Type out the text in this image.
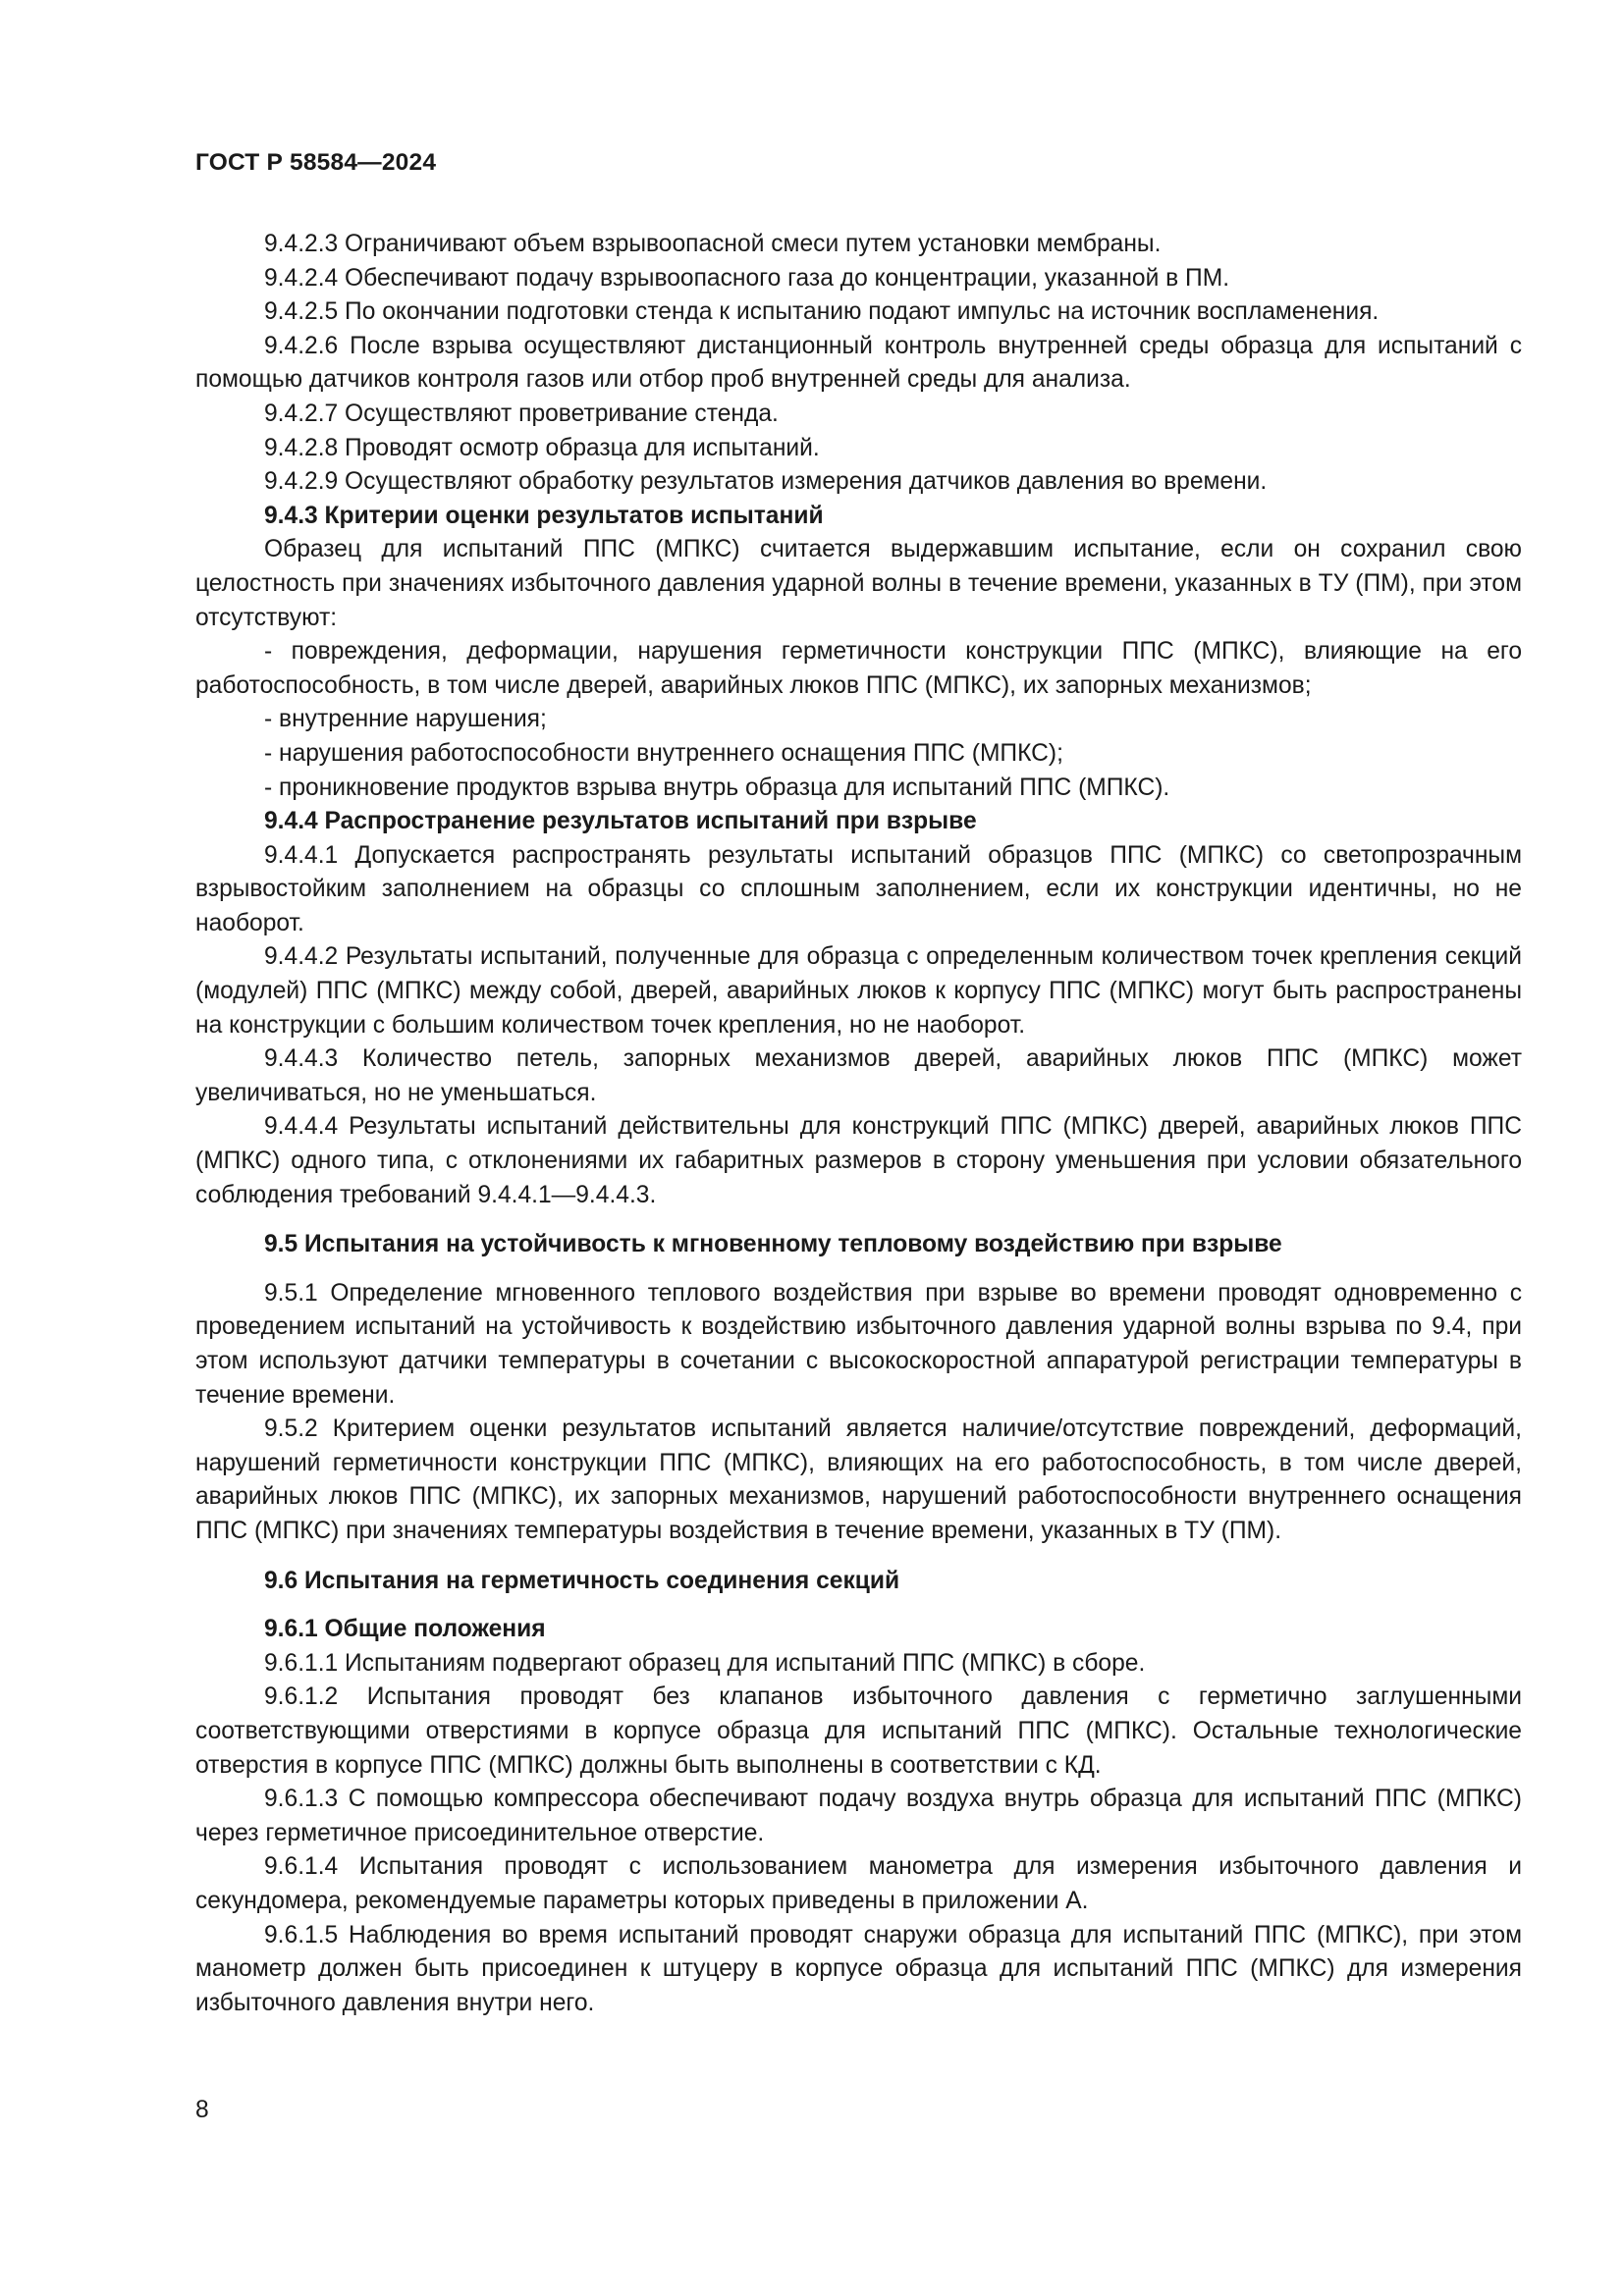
ГОСТ Р 58584—2024

9.4.2.3 Ограничивают объем взрывоопасной смеси путем установки мембраны.

9.4.2.4 Обеспечивают подачу взрывоопасного газа до концентрации, указанной в ПМ.

9.4.2.5 По окончании подготовки стенда к испытанию подают импульс на источник воспламенения.

9.4.2.6 После взрыва осуществляют дистанционный контроль внутренней среды образца для испытаний с помощью датчиков контроля газов или отбор проб внутренней среды для анализа.

9.4.2.7 Осуществляют проветривание стенда.

9.4.2.8 Проводят осмотр образца для испытаний.

9.4.2.9 Осуществляют обработку результатов измерения датчиков давления во времени.

9.4.3 Критерии оценки результатов испытаний

Образец для испытаний ППС (МПКС) считается выдержавшим испытание, если он сохранил свою целостность при значениях избыточного давления ударной волны в течение времени, указанных в ТУ (ПМ), при этом отсутствуют:

- повреждения, деформации, нарушения герметичности конструкции ППС (МПКС), влияющие на его работоспособность, в том числе дверей, аварийных люков ППС (МПКС), их запорных механизмов;

- внутренние нарушения;

- нарушения работоспособности внутреннего оснащения ППС (МПКС);

- проникновение продуктов взрыва внутрь образца для испытаний ППС (МПКС).

9.4.4 Распространение результатов испытаний при взрыве

9.4.4.1 Допускается распространять результаты испытаний образцов ППС (МПКС) со светопрозрачным взрывостойким заполнением на образцы со сплошным заполнением, если их конструкции идентичны, но не наоборот.

9.4.4.2 Результаты испытаний, полученные для образца с определенным количеством точек крепления секций (модулей) ППС (МПКС) между собой, дверей, аварийных люков к корпусу ППС (МПКС) могут быть распространены на конструкции с большим количеством точек крепления, но не наоборот.

9.4.4.3 Количество петель, запорных механизмов дверей, аварийных люков ППС (МПКС) может увеличиваться, но не уменьшаться.

9.4.4.4 Результаты испытаний действительны для конструкций ППС (МПКС) дверей, аварийных люков ППС (МПКС) одного типа, с отклонениями их габаритных размеров в сторону уменьшения при условии обязательного соблюдения требований 9.4.4.1—9.4.4.3.

9.5 Испытания на устойчивость к мгновенному тепловому воздействию при взрыве

9.5.1 Определение мгновенного теплового воздействия при взрыве во времени проводят одновременно с проведением испытаний на устойчивость к воздействию избыточного давления ударной волны взрыва по 9.4, при этом используют датчики температуры в сочетании с высокоскоростной аппаратурой регистрации температуры в течение времени.

9.5.2 Критерием оценки результатов испытаний является наличие/отсутствие повреждений, деформаций, нарушений герметичности конструкции ППС (МПКС), влияющих на его работоспособность, в том числе дверей, аварийных люков ППС (МПКС), их запорных механизмов, нарушений работоспособности внутреннего оснащения ППС (МПКС) при значениях температуры воздействия в течение времени, указанных в ТУ (ПМ).

9.6 Испытания на герметичность соединения секций

9.6.1 Общие положения

9.6.1.1 Испытаниям подвергают образец для испытаний ППС (МПКС) в сборе.

9.6.1.2 Испытания проводят без клапанов избыточного давления с герметично заглушенными соответствующими отверстиями в корпусе образца для испытаний ППС (МПКС). Остальные технологические отверстия в корпусе ППС (МПКС) должны быть выполнены в соответствии с КД.

9.6.1.3 С помощью компрессора обеспечивают подачу воздуха внутрь образца для испытаний ППС (МПКС) через герметичное присоединительное отверстие.

9.6.1.4 Испытания проводят с использованием манометра для измерения избыточного давления и секундомера, рекомендуемые параметры которых приведены в приложении А.

9.6.1.5 Наблюдения во время испытаний проводят снаружи образца для испытаний ППС (МПКС), при этом манометр должен быть присоединен к штуцеру в корпусе образца для испытаний ППС (МПКС) для измерения избыточного давления внутри него.

8
